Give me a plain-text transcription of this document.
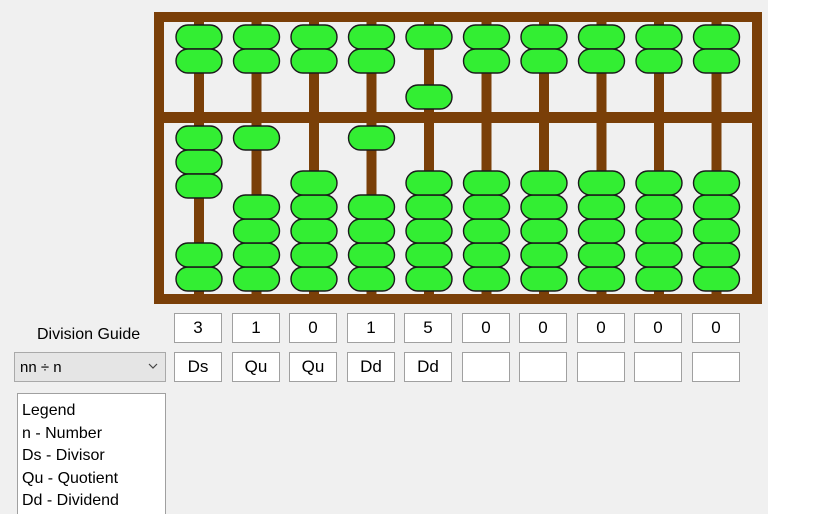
Division Guide	3	1	0	1	5	0	0	0	0	0
Ds	Qu	Qu	Dd	Dd
nn ÷ n
Legend
n - Number
Ds - Divisor
Qu - Quotient
Dd - Dividend
